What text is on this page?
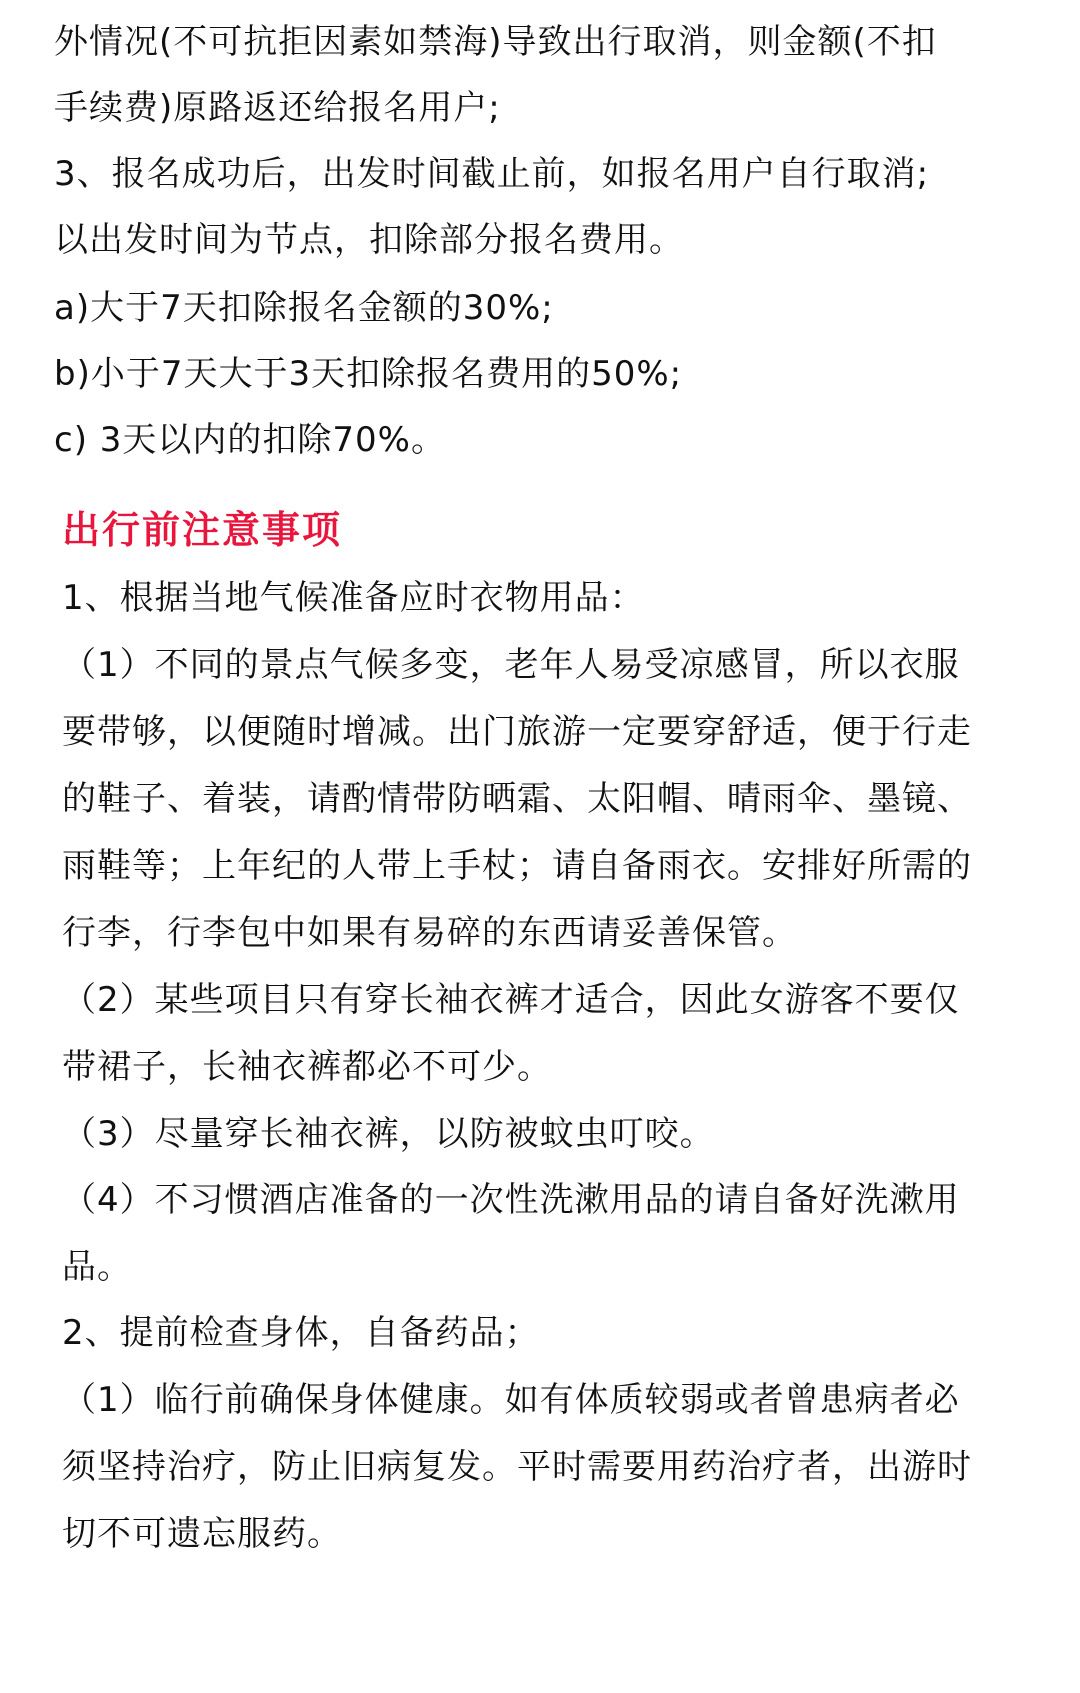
外情况(不可抗拒因素如禁海)导致出行取消，则金额(不扣
手续费)原路返还给报名用户;
3、报名成功后，出发时间截止前，如报名用户自行取消;
以出发时间为节点，扣除部分报名费用。
a)大于7天扣除报名金额的30%;
b)小于7天大于3天扣除报名费用的50%;
c) 3天以内的扣除70%。
出行前注意事项
1、根据当地气候准备应时衣物用品：
（1）不同的景点气候多变，老年人易受凉感冒，所以衣服
要带够，以便随时增减。出门旅游一定要穿舒适，便于行走
的鞋子、着装，请酌情带防晒霜、太阳帽、晴雨伞、墨镜、
雨鞋等；上年纪的人带上手杖；请自备雨衣。安排好所需的
行李，行李包中如果有易碎的东西请妥善保管。
（2）某些项目只有穿长袖衣裤才适合，因此女游客不要仅
带裙子，长袖衣裤都必不可少。
（3）尽量穿长袖衣裤，以防被蚊虫叮咬。
（4）不习惯酒店准备的一次性洗漱用品的请自备好洗漱用
品。
2、提前检查身体，自备药品；
（1）临行前确保身体健康。如有体质较弱或者曾患病者必
须坚持治疗，防止旧病复发。平时需要用药治疗者，出游时
切不可遗忘服药。
